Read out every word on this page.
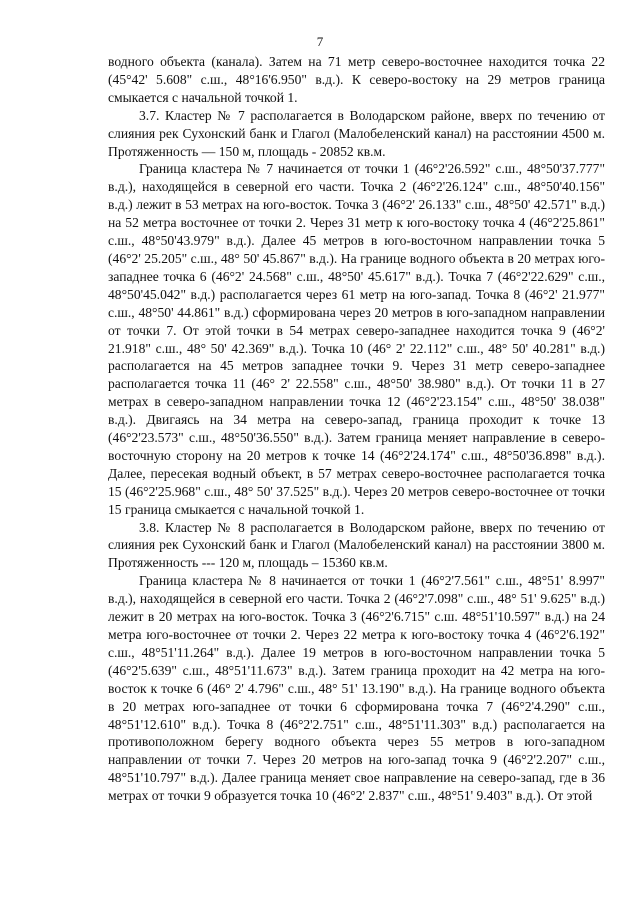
7

водного объекта (канала). Затем на 71 метр северо-восточнее находится точка 22 (45°42' 5.608" с.ш., 48°16'6.950" в.д.). К северо-востоку на 29 метров граница смыкается с начальной точкой 1.

3.7. Кластер № 7 располагается в Володарском районе, вверх по течению от слияния рек Сухонский банк и Глагол (Малобеленский канал) на расстоянии 4500 м. Протяженность — 150 м, площадь - 20852 кв.м.

Граница кластера № 7 начинается от точки 1 (46°2'26.592" с.ш., 48°50'37.777" в.д.), находящейся в северной его части. Точка 2 (46°2'26.124" с.ш., 48°50'40.156" в.д.) лежит в 53 метрах на юго-восток. Точка 3 (46°2' 26.133" с.ш., 48°50' 42.571" в.д.) на 52 метра восточнее от точки 2. Через 31 метр к юго-востоку точка 4 (46°2'25.861" с.ш., 48°50'43.979" в.д.). Далее 45 метров в юго-восточном направлении точка 5 (46°2' 25.205" с.ш., 48° 50' 45.867" в.д.). На границе водного объекта в 20 метрах юго-западнее точка 6 (46°2' 24.568" с.ш., 48°50' 45.617" в.д.). Точка 7 (46°2'22.629" с.ш., 48°50'45.042" в.д.) располагается через 61 метр на юго-запад. Точка 8 (46°2' 21.977" с.ш., 48°50' 44.861" в.д.) сформирована через 20 метров в юго-западном направлении от точки 7. От этой точки в 54 метрах северо-западнее находится точка 9 (46°2' 21.918" с.ш., 48° 50' 42.369" в.д.). Точка 10 (46° 2' 22.112" с.ш., 48° 50' 40.281" в.д.) располагается на 45 метров западнее точки 9. Через 31 метр северо-западнее располагается точка 11 (46° 2' 22.558" с.ш., 48°50' 38.980" в.д.). От точки 11 в 27 метрах в северо-западном направлении точка 12 (46°2'23.154" с.ш., 48°50' 38.038" в.д.). Двигаясь на 34 метра на северо-запад, граница проходит к точке 13 (46°2'23.573" с.ш., 48°50'36.550" в.д.). Затем граница меняет направление в северо-восточную сторону на 20 метров к точке 14 (46°2'24.174" с.ш., 48°50'36.898" в.д.). Далее, пересекая водный объект, в 57 метрах северо-восточнее располагается точка 15 (46°2'25.968" с.ш., 48° 50' 37.525" в.д.). Через 20 метров северо-восточнее от точки 15 граница смыкается с начальной точкой 1.

3.8. Кластер № 8 располагается в Володарском районе, вверх по течению от слияния рек Сухонский банк и Глагол (Малобеленский канал) на расстоянии 3800 м. Протяженность --- 120 м, площадь – 15360 кв.м.

Граница кластера № 8 начинается от точки 1 (46°2'7.561" с.ш., 48°51' 8.997" в.д.), находящейся в северной его части. Точка 2 (46°2'7.098" с.ш., 48° 51' 9.625" в.д.) лежит в 20 метрах на юго-восток. Точка 3 (46°2'6.715" с.ш. 48°51'10.597" в.д.) на 24 метра юго-восточнее от точки 2. Через 22 метра к юго-востоку точка 4 (46°2'6.192" с.ш., 48°51'11.264" в.д.). Далее 19 метров в юго-восточном направлении точка 5 (46°2'5.639" с.ш., 48°51'11.673" в.д.). Затем граница проходит на 42 метра на юго-восток к точке 6 (46° 2' 4.796" с.ш., 48° 51' 13.190" в.д.). На границе водного объекта в 20 метрах юго-западнее от точки 6 сформирована точка 7 (46°2'4.290" с.ш., 48°51'12.610" в.д.). Точка 8 (46°2'2.751" с.ш., 48°51'11.303" в.д.) располагается на противоположном берегу водного объекта через 55 метров в юго-западном направлении от точки 7. Через 20 метров на юго-запад точка 9 (46°2'2.207" с.ш., 48°51'10.797" в.д.). Далее граница меняет свое направление на северо-запад, где в 36 метрах от точки 9 образуется точка 10 (46°2' 2.837" с.ш., 48°51' 9.403" в.д.). От этой
